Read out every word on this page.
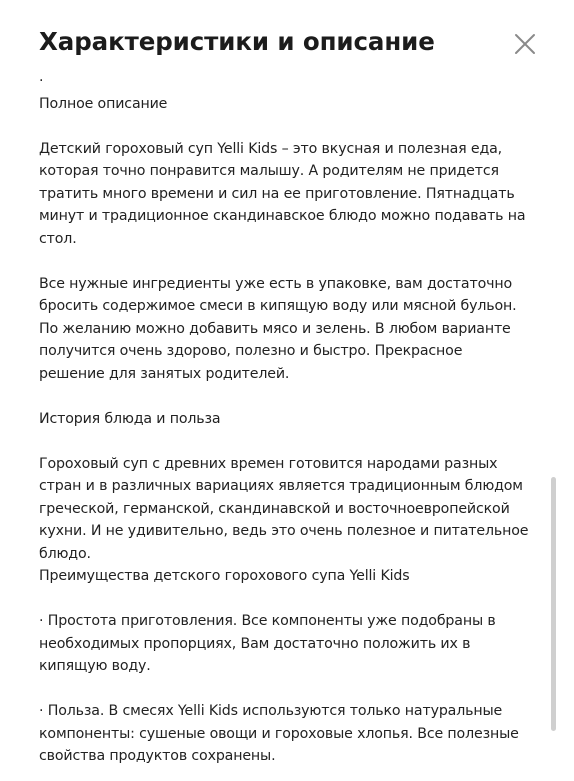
Характеристики и описание

·

Полное описание

Детский гороховый суп Yelli Kids – это вкусная и полезная еда,

которая точно понравится малышу. А родителям не придется

тратить много времени и сил на ее приготовление. Пятнадцать

минут и традиционное скандинавское блюдо можно подавать на

стол.

Все нужные ингредиенты уже есть в упаковке, вам достаточно

бросить содержимое смеси в кипящую воду или мясной бульон.

По желанию можно добавить мясо и зелень. В любом варианте

получится очень здорово, полезно и быстро. Прекрасное

решение для занятых родителей.

История блюда и польза

Гороховый суп с древних времен готовится народами разных

стран и в различных вариациях является традиционным блюдом

греческой, германской, скандинавской и восточноевропейской

кухни. И не удивительно, ведь это очень полезное и питательное

блюдо.

Преимущества детского горохового супа Yelli Kids

· Простота приготовления. Все компоненты уже подобраны в

необходимых пропорциях, Вам достаточно положить их в

кипящую воду.

· Польза. В смесях Yelli Kids используются только натуральные

компоненты: сушеные овощи и гороховые хлопья. Все полезные

свойства продуктов сохранены.
